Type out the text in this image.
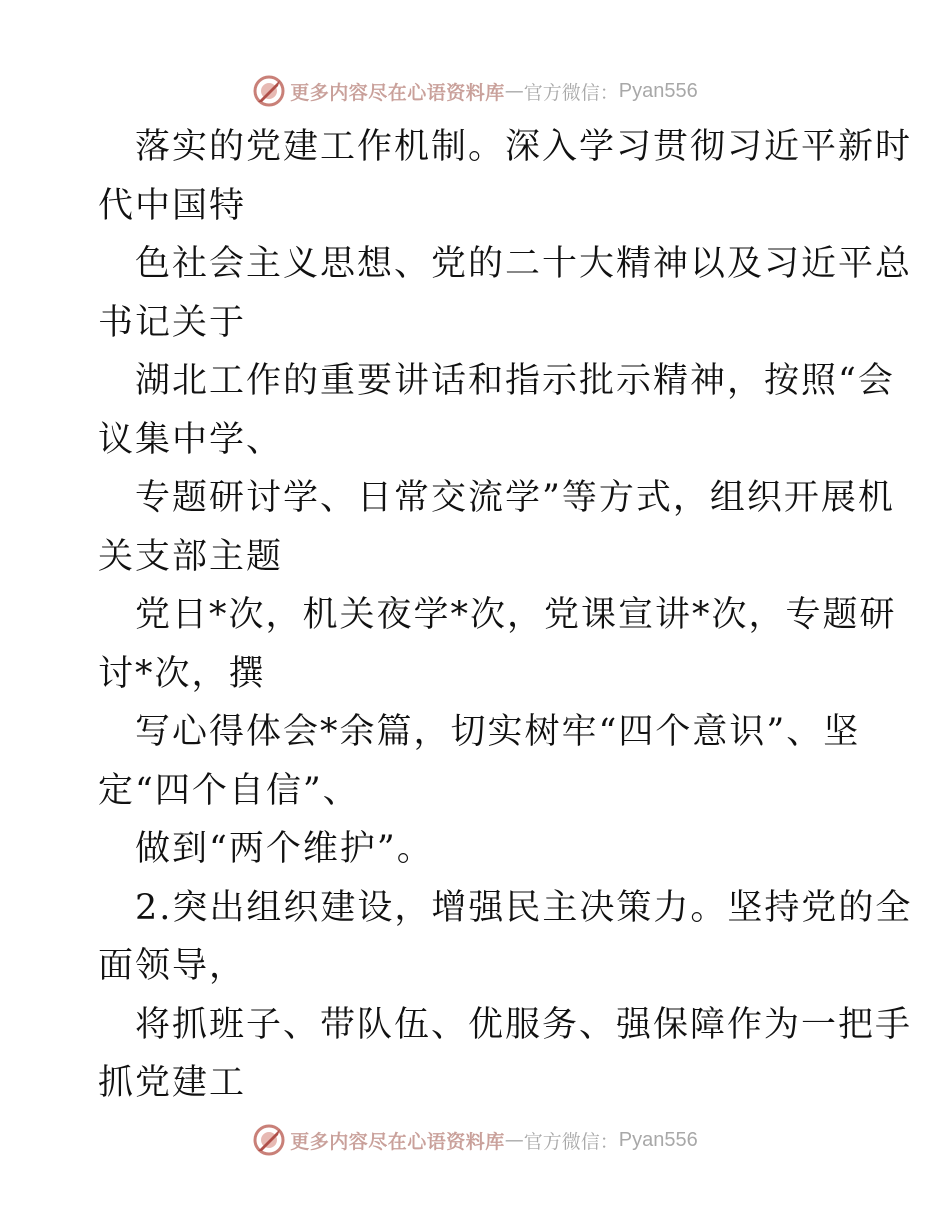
更多内容尽在心语资料库 — 官方微信： Pyan556
落实的党建工作机制。深入学习贯彻习近平新时
代中国特
色社会主义思想、党的二十大精神以及习近平总
书记关于
湖北工作的重要讲话和指示批示精神，按照“会
议集中学、
专题研讨学、日常交流学”等方式，组织开展机
关支部主题
党日*次，机关夜学*次，党课宣讲*次，专题研
讨*次，撰
写心得体会*余篇，切实树牢“四个意识”、坚
定“四个自信”、
做到“两个维护”。
2.突出组织建设，增强民主决策力。坚持党的全
面领导，
将抓班子、带队伍、优服务、强保障作为一把手
抓党建工
更多内容尽在心语资料库 — 官方微信： Pyan556
